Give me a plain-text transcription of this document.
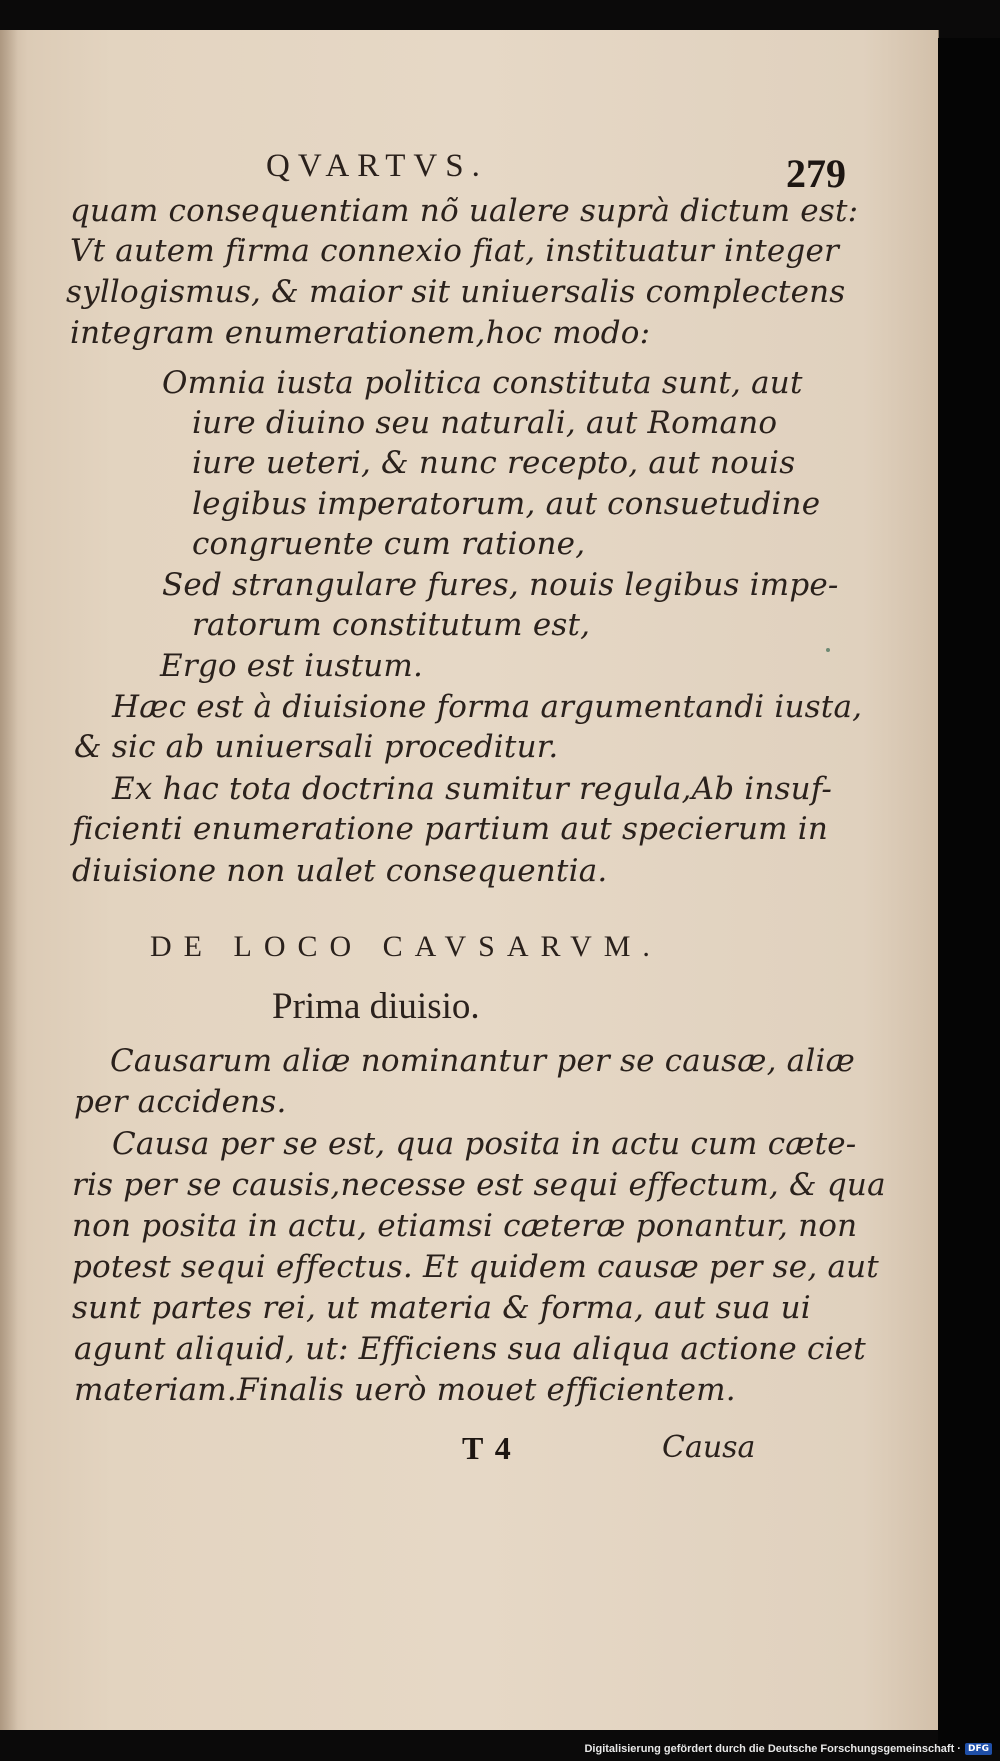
QVARTVS.	279
quam consequentiam nõ ualere suprà dictum est:
Vt autem firma connexio fiat, instituatur integer
syllogismus, & maior sit uniuersalis complectens
integram enumerationem,hoc modo:
Omnia iusta politica constituta sunt, aut
iure diuino seu naturali, aut Romano
iure ueteri, & nunc recepto, aut nouis
legibus imperatorum, aut consuetudine
congruente cum ratione,
Sed strangulare fures, nouis legibus impe-
ratorum constitutum est,
Ergo est iustum.
Hæc est à diuisione forma argumentandi iusta,
& sic ab uniuersali proceditur.
Ex hac tota doctrina sumitur regula,Ab insuf-
ficienti enumeratione partium aut specierum in
diuisione non ualet consequentia.
DE LOCO CAVSARVM.
Prima diuisio.
Causarum aliæ nominantur per se causæ, aliæ
per accidens.
Causa per se est, qua posita in actu cum cæte-
ris per se causis,necesse est sequi effectum, & qua
non posita in actu, etiamsi cæteræ ponantur, non
potest sequi effectus. Et quidem causæ per se, aut
sunt partes rei, ut materia & forma, aut sua ui
agunt aliquid, ut: Efficiens sua aliqua actione ciet
materiam.Finalis uerò mouet efficientem.
T 4	Causa
Digitalisierung gefördert durch die Deutsche Forschungsgemeinschaft · DFG
